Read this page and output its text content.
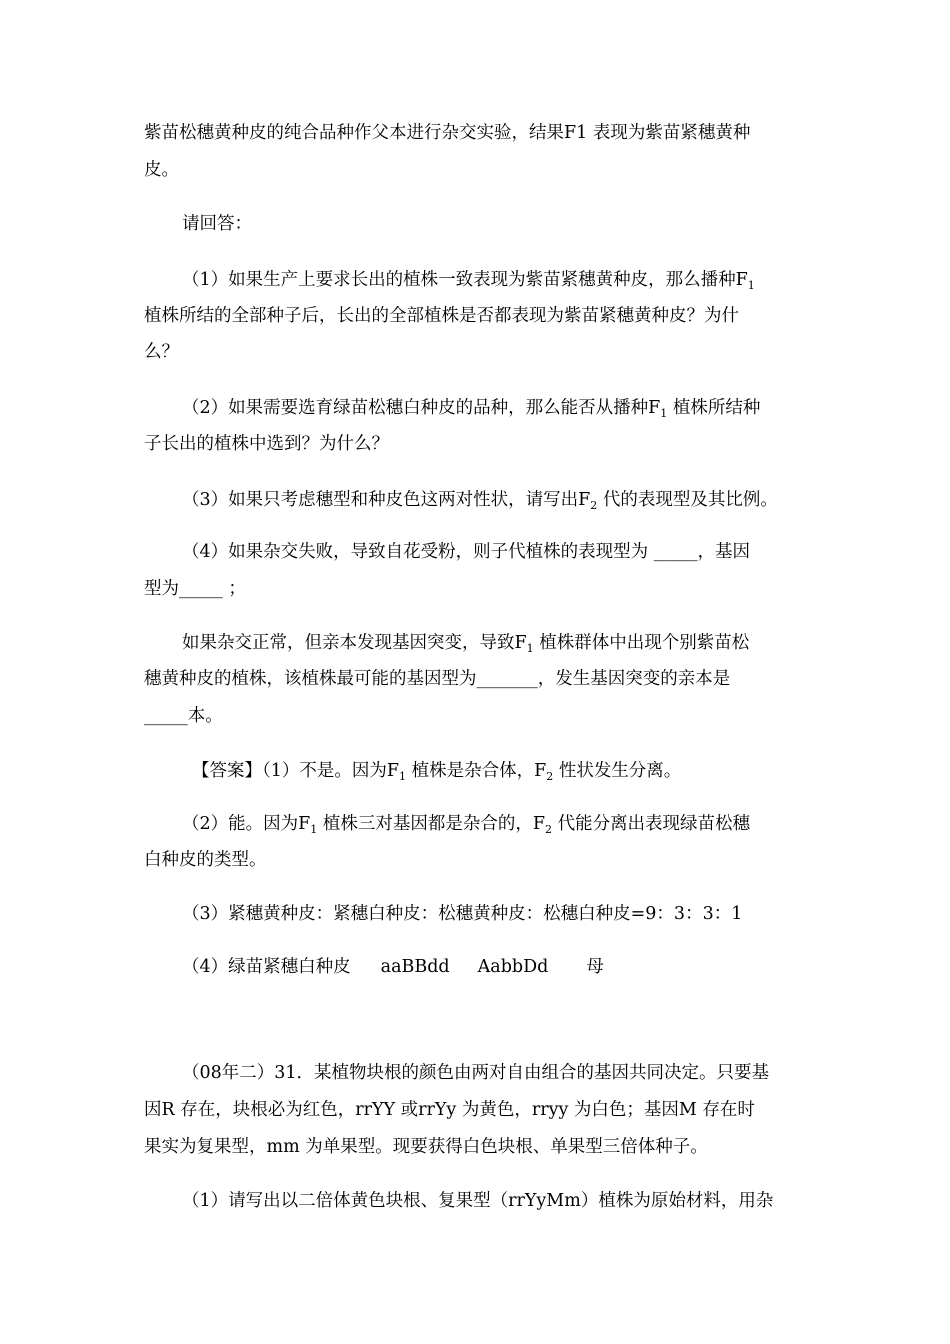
紫苗松穗黄种皮的纯合品种作父本进行杂交实验，结果F1 表现为紫苗紧穗黄种
皮。
请回答：
（1）如果生产上要求长出的植株一致表现为紫苗紧穗黄种皮，那么播种$F_1$
植株所结的全部种子后，长出的全部植株是否都表现为紫苗紧穗黄种皮？为什
么？
（2）如果需要选育绿苗松穗白种皮的品种，那么能否从播种$F_1$ 植株所结种
子长出的植株中选到？为什么？
（3）如果只考虑穗型和种皮色这两对性状，请写出$F_2$ 代的表现型及其比例。
（4）如果杂交失败，导致自花受粉，则子代植株的表现型为 _____，基因
型为_____ ；
如果杂交正常，但亲本发现基因突变，导致$F_1$ 植株群体中出现个别紫苗松
穗黄种皮的植株，该植株最可能的基因型为_______，发生基因突变的亲本是
_____本。
【答案】（1）不是。因为$F_1$ 植株是杂合体，$F_2$ 性状发生分离。
（2）能。因为$F_1$ 植株三对基因都是杂合的，$F_2$ 代能分离出表现绿苗松穗
白种皮的类型。
（3）紧穗黄种皮：紧穗白种皮：松穗黄种皮：松穗白种皮=9：3：3：1
（4）绿苗紧穗白种皮 aaBBdd AabbDd 母
（08年二）31．某植物块根的颜色由两对自由组合的基因共同决定。只要基
因R 存在，块根必为红色，rrYY 或rrYy 为黄色，rryy 为白色；基因M 存在时
果实为复果型，mm 为单果型。现要获得白色块根、单果型三倍体种子。
（1）请写出以二倍体黄色块根、复果型（rrYyMm）植株为原始材料，用杂
